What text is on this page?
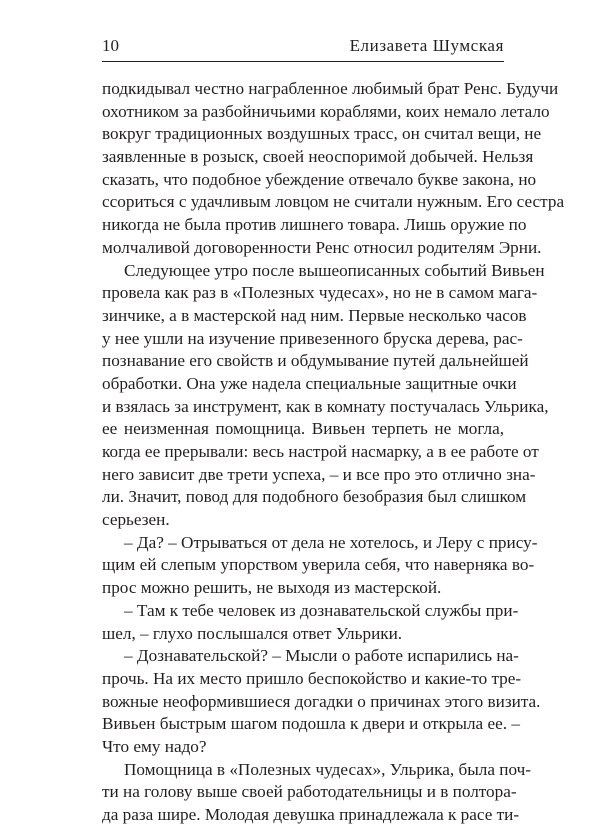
10	Елизавета Шумская
подкидывал честно награбленное любимый брат Ренс. Будучи
охотником за разбойничьими кораблями, коих немало летало
вокруг традиционных воздушных трасс, он считал вещи, не
заявленные в розыск, своей неоспоримой добычей. Нельзя
сказать, что подобное убеждение отвечало букве закона, но
ссориться с удачливым ловцом не считали нужным. Его сестра
никогда не была против лишнего товара. Лишь оружие по
молчаливой договоренности Ренс относил родителям Эрни.
Следующее утро после вышеописанных событий Вивьен
провела как раз в «Полезных чудесах», но не в самом мага-
зинчике, а в мастерской над ним. Первые несколько часов
у нее ушли на изучение привезенного бруска дерева, рас-
познавание его свойств и обдумывание путей дальнейшей
обработки. Она уже надела специальные защитные очки
и взялась за инструмент, как в комнату постучалась Ульрика,
ее неизменная помощница. Вивьен терпеть не могла,
когда ее прерывали: весь настрой насмарку, а в ее работе от
него зависит две трети успеха, – и все про это отлично зна-
ли. Значит, повод для подобного безобразия был слишком
серьезен.
– Да? – Отрываться от дела не хотелось, и Леру с прису-
щим ей слепым упорством уверила себя, что наверняка во-
прос можно решить, не выходя из мастерской.
– Там к тебе человек из дознавательской службы при-
шел, – глухо послышался ответ Ульрики.
– Дознавательской? – Мысли о работе испарились на-
прочь. На их место пришло беспокойство и какие-то тре-
вожные неоформившиеся догадки о причинах этого визита.
Вивьен быстрым шагом подошла к двери и открыла ее. –
Что ему надо?
Помощница в «Полезных чудесах», Ульрика, была поч-
ти на голову выше своей работодательницы и в полтора-
да раза шире. Молодая девушка принадлежала к расе ти-
